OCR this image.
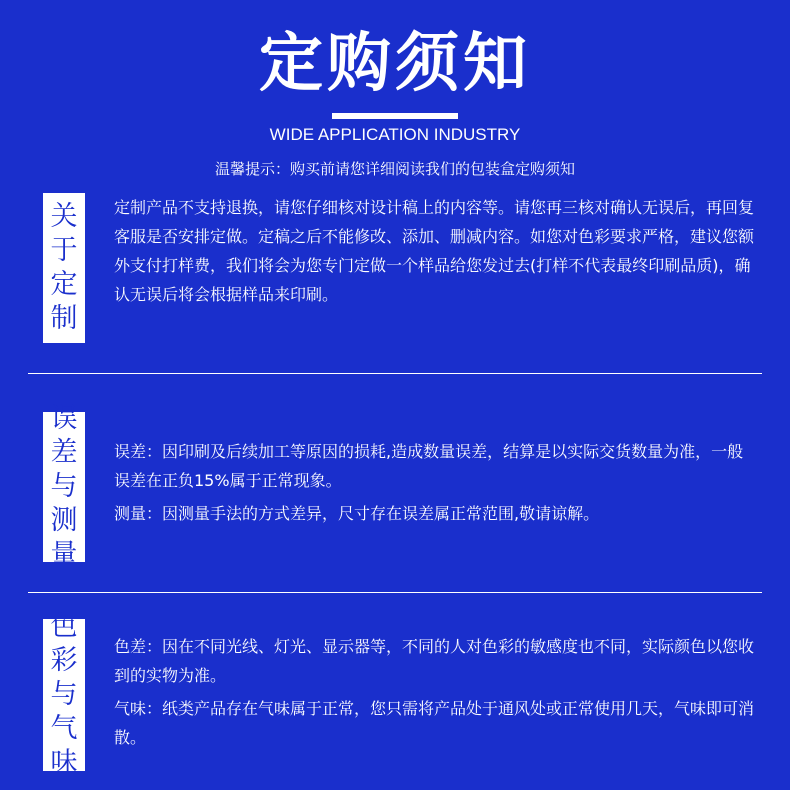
定购须知
WIDE APPLICATION INDUSTRY
温馨提示：购买前请您详细阅读我们的包装盒定购须知
关
于
定
制

定制产品不支持退换，请您仔细核对设计稿上的内容等。请您再三核对确认无误后，再回复客服是否安排定做。定稿之后不能修改、添加、删减内容。如您对色彩要求严格，建议您额外支付打样费，我们将会为您专门定做一个样品给您发过去(打样不代表最终印刷品质)，确认无误后将会根据样品来印刷。

误
差
与
测
量

误差：因印刷及后续加工等原因的损耗,造成数量误差，结算是以实际交货数量为准，一般误差在正负15%属于正常现象。

测量：因测量手法的方式差异，尺寸存在误差属正常范围,敬请谅解。

色
彩
与
气
味

色差：因在不同光线、灯光、显示器等，不同的人对色彩的敏感度也不同，实际颜色以您收到的实物为准。

气味：纸类产品存在气味属于正常，您只需将产品处于通风处或正常使用几天，气味即可消散。
